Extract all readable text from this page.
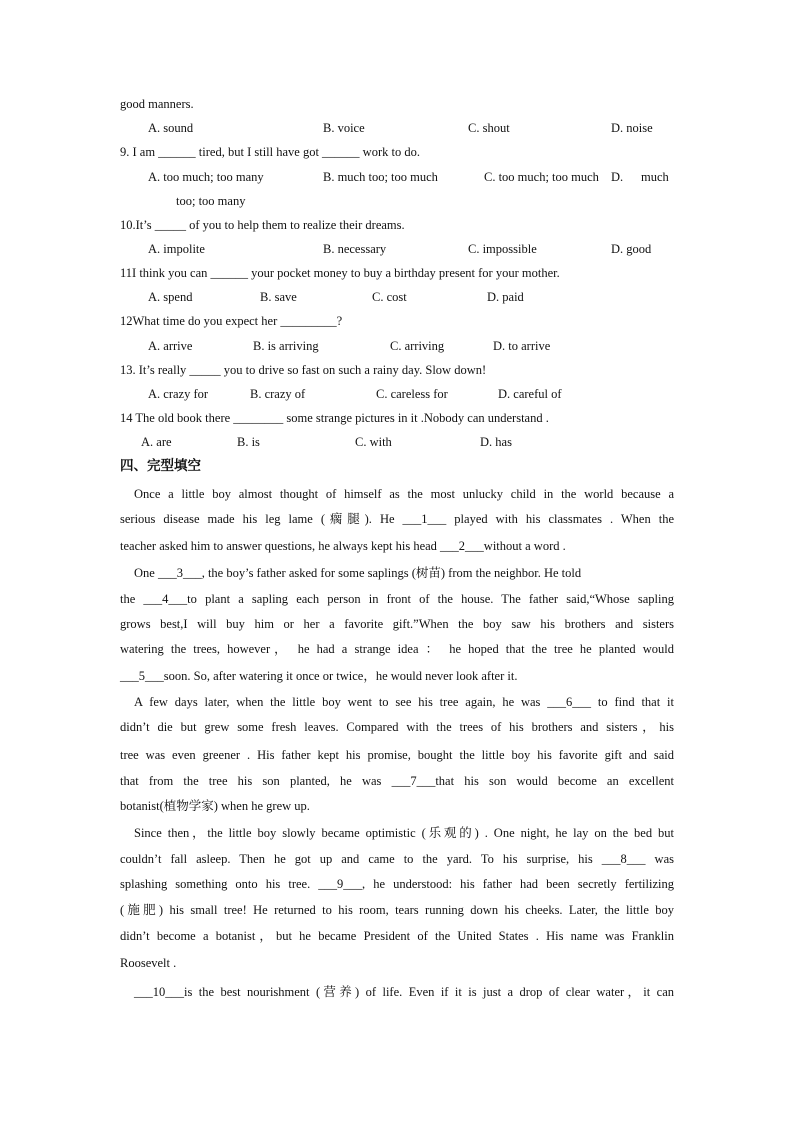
good manners.
A. sound	B. voice	C. shout	D. noise
9. I am ______ tired, but I still have got ______ work to do.
A. too much; too many	B. much too; too much	C. too much; too much D. much
too; too many
10.It’s _____ of you to help them to realize their dreams.
A. impolite	B. necessary	C. impossible	D. good
11I think you can ______ your pocket money to buy a birthday present for your mother.
A. spend	B. save	C. cost	D. paid
12What time do you expect her _________?
A. arrive	B. is arriving	C. arriving	D. to arrive
13. It’s really _____ you to drive so fast on such a rainy day. Slow down!
A. crazy for	B. crazy of	C. careless for	D. careful of
14 The old book there ________ some strange pictures in it .Nobody can understand .
A. are	B. is	C. with	D. has
四、完型填空
Once a little boy almost thought of himself as the most unlucky child in the world because a
serious disease made his leg lame (瘸腿). He ___1___ played with his classmates . When the
teacher asked him to answer questions, he always kept his head ___2___without a word .
One ___3___, the boy’s father asked for some saplings (树苗) from the neighbor. He told
the ___4___to plant a sapling each person in front of the house. The father said,“Whose sapling
grows best,I will buy him or her a favorite gift.”When the boy saw his brothers and sisters
watering the trees, however， he had a strange idea ： he hoped that the tree he planted would
___5___soon. So, after watering it once or twice，he would never look after it.
A few days later, when the little boy went to see his tree again, he was ___6___ to find that it
didn’t die but grew some fresh leaves. Compared with the trees of his brothers and sisters，his
tree was even greener . His father kept his promise, bought the little boy his favorite gift and said
that from the tree his son planted, he was ___7___that his son would become an excellent
botanist(植物学家) when he grew up.
Since then，the little boy slowly became optimistic (乐观的) . One night, he lay on the bed but
couldn’t fall asleep. Then he got up and came to the yard. To his surprise, his ___8___ was
splashing something onto his tree. ___9___, he understood: his father had been secretly fertilizing
(施肥) his small tree! He returned to his room, tears running down his cheeks. Later, the little boy
didn’t become a botanist，but he became President of the United States . His name was Franklin
Roosevelt .
___10___is the best nourishment (营养) of life. Even if it is just a drop of clear water，it can
